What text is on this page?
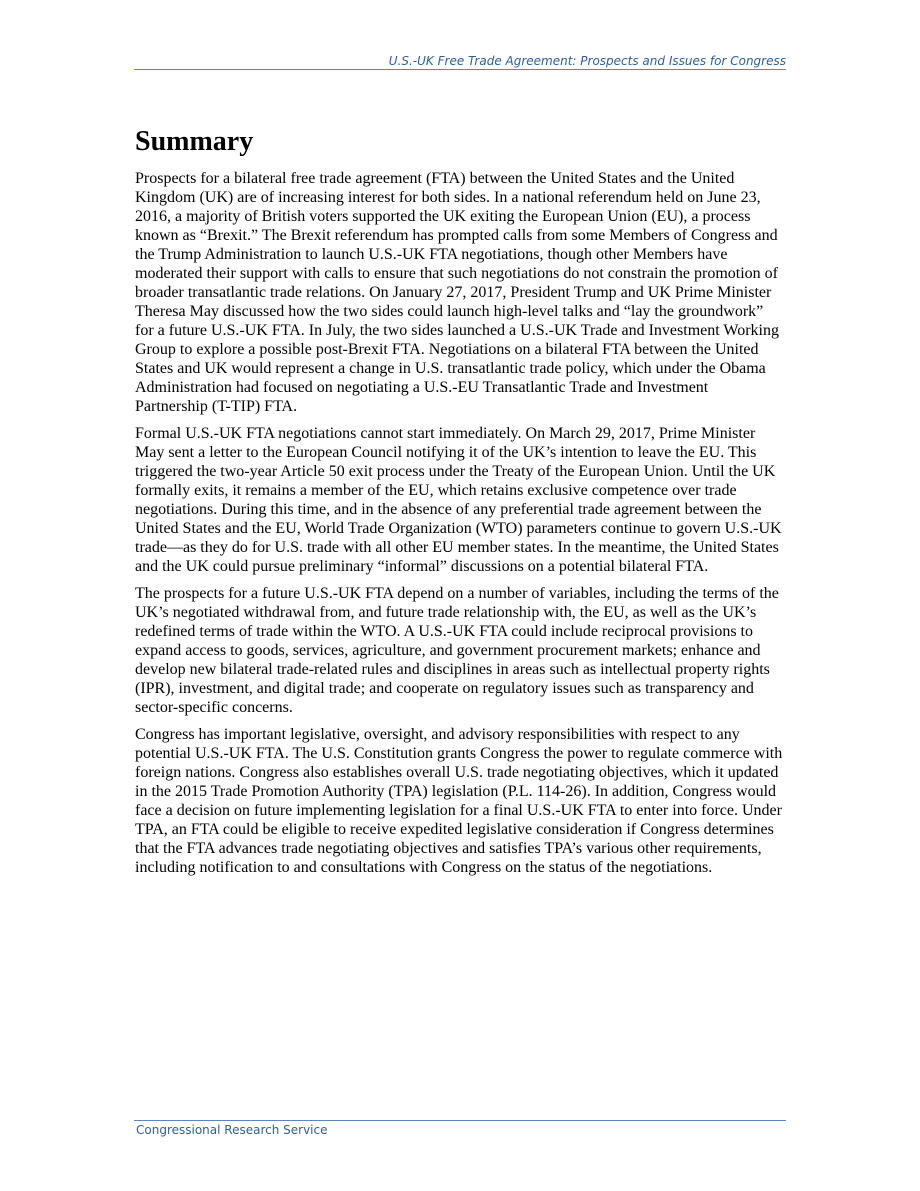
U.S.-UK Free Trade Agreement: Prospects and Issues for Congress
Summary

Prospects for a bilateral free trade agreement (FTA) between the United States and the United Kingdom (UK) are of increasing interest for both sides. In a national referendum held on June 23, 2016, a majority of British voters supported the UK exiting the European Union (EU), a process known as “Brexit.” The Brexit referendum has prompted calls from some Members of Congress and the Trump Administration to launch U.S.-UK FTA negotiations, though other Members have moderated their support with calls to ensure that such negotiations do not constrain the promotion of broader transatlantic trade relations. On January 27, 2017, President Trump and UK Prime Minister Theresa May discussed how the two sides could launch high-level talks and “lay the groundwork” for a future U.S.-UK FTA. In July, the two sides launched a U.S.-UK Trade and Investment Working Group to explore a possible post-Brexit FTA. Negotiations on a bilateral FTA between the United States and UK would represent a change in U.S. transatlantic trade policy, which under the Obama Administration had focused on negotiating a U.S.-EU Transatlantic Trade and Investment Partnership (T-TIP) FTA.

Formal U.S.-UK FTA negotiations cannot start immediately. On March 29, 2017, Prime Minister May sent a letter to the European Council notifying it of the UK’s intention to leave the EU. This triggered the two-year Article 50 exit process under the Treaty of the European Union. Until the UK formally exits, it remains a member of the EU, which retains exclusive competence over trade negotiations. During this time, and in the absence of any preferential trade agreement between the United States and the EU, World Trade Organization (WTO) parameters continue to govern U.S.-UK trade—as they do for U.S. trade with all other EU member states. In the meantime, the United States and the UK could pursue preliminary “informal” discussions on a potential bilateral FTA.

The prospects for a future U.S.-UK FTA depend on a number of variables, including the terms of the UK’s negotiated withdrawal from, and future trade relationship with, the EU, as well as the UK’s redefined terms of trade within the WTO. A U.S.-UK FTA could include reciprocal provisions to expand access to goods, services, agriculture, and government procurement markets; enhance and develop new bilateral trade-related rules and disciplines in areas such as intellectual property rights (IPR), investment, and digital trade; and cooperate on regulatory issues such as transparency and sector-specific concerns.

Congress has important legislative, oversight, and advisory responsibilities with respect to any potential U.S.-UK FTA. The U.S. Constitution grants Congress the power to regulate commerce with foreign nations. Congress also establishes overall U.S. trade negotiating objectives, which it updated in the 2015 Trade Promotion Authority (TPA) legislation (P.L. 114-26). In addition, Congress would face a decision on future implementing legislation for a final U.S.-UK FTA to enter into force. Under TPA, an FTA could be eligible to receive expedited legislative consideration if Congress determines that the FTA advances trade negotiating objectives and satisfies TPA’s various other requirements, including notification to and consultations with Congress on the status of the negotiations.

Congressional Research Service
